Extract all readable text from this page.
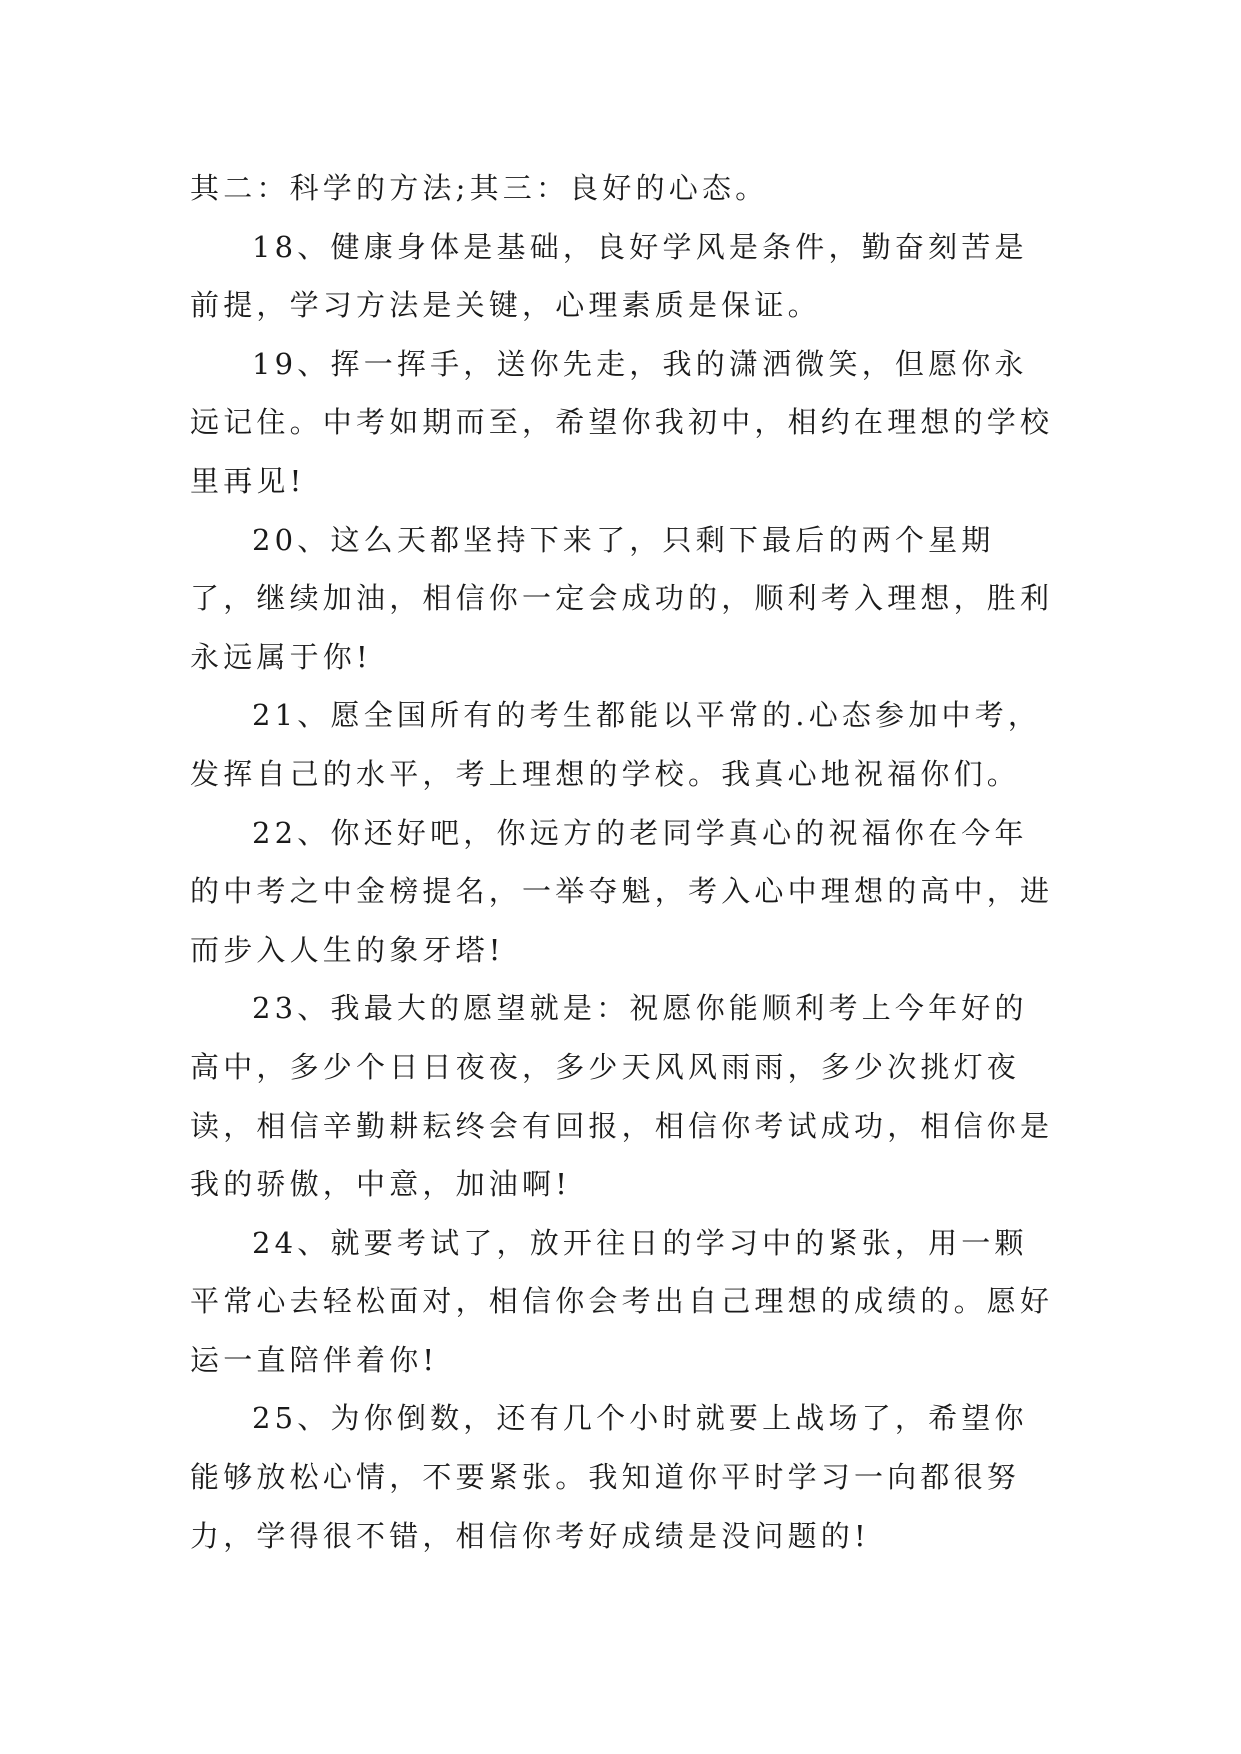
其二：科学的方法;其三：良好的心态。

18、健康身体是基础，良好学风是条件，勤奋刻苦是前提，学习方法是关键，心理素质是保证。

19、挥一挥手，送你先走，我的潇洒微笑，但愿你永远记住。中考如期而至，希望你我初中，相约在理想的学校里再见!

20、这么天都坚持下来了，只剩下最后的两个星期了，继续加油，相信你一定会成功的，顺利考入理想，胜利永远属于你!

21、愿全国所有的考生都能以平常的.心态参加中考，发挥自己的水平，考上理想的学校。我真心地祝福你们。

22、你还好吧，你远方的老同学真心的祝福你在今年的中考之中金榜提名，一举夺魁，考入心中理想的高中，进而步入人生的象牙塔!

23、我最大的愿望就是：祝愿你能顺利考上今年好的高中，多少个日日夜夜，多少天风风雨雨，多少次挑灯夜读，相信辛勤耕耘终会有回报，相信你考试成功，相信你是我的骄傲，中意，加油啊!

24、就要考试了，放开往日的学习中的紧张，用一颗平常心去轻松面对，相信你会考出自己理想的成绩的。愿好运一直陪伴着你!

25、为你倒数，还有几个小时就要上战场了，希望你能够放松心情，不要紧张。我知道你平时学习一向都很努力，学得很不错，相信你考好成绩是没问题的!
